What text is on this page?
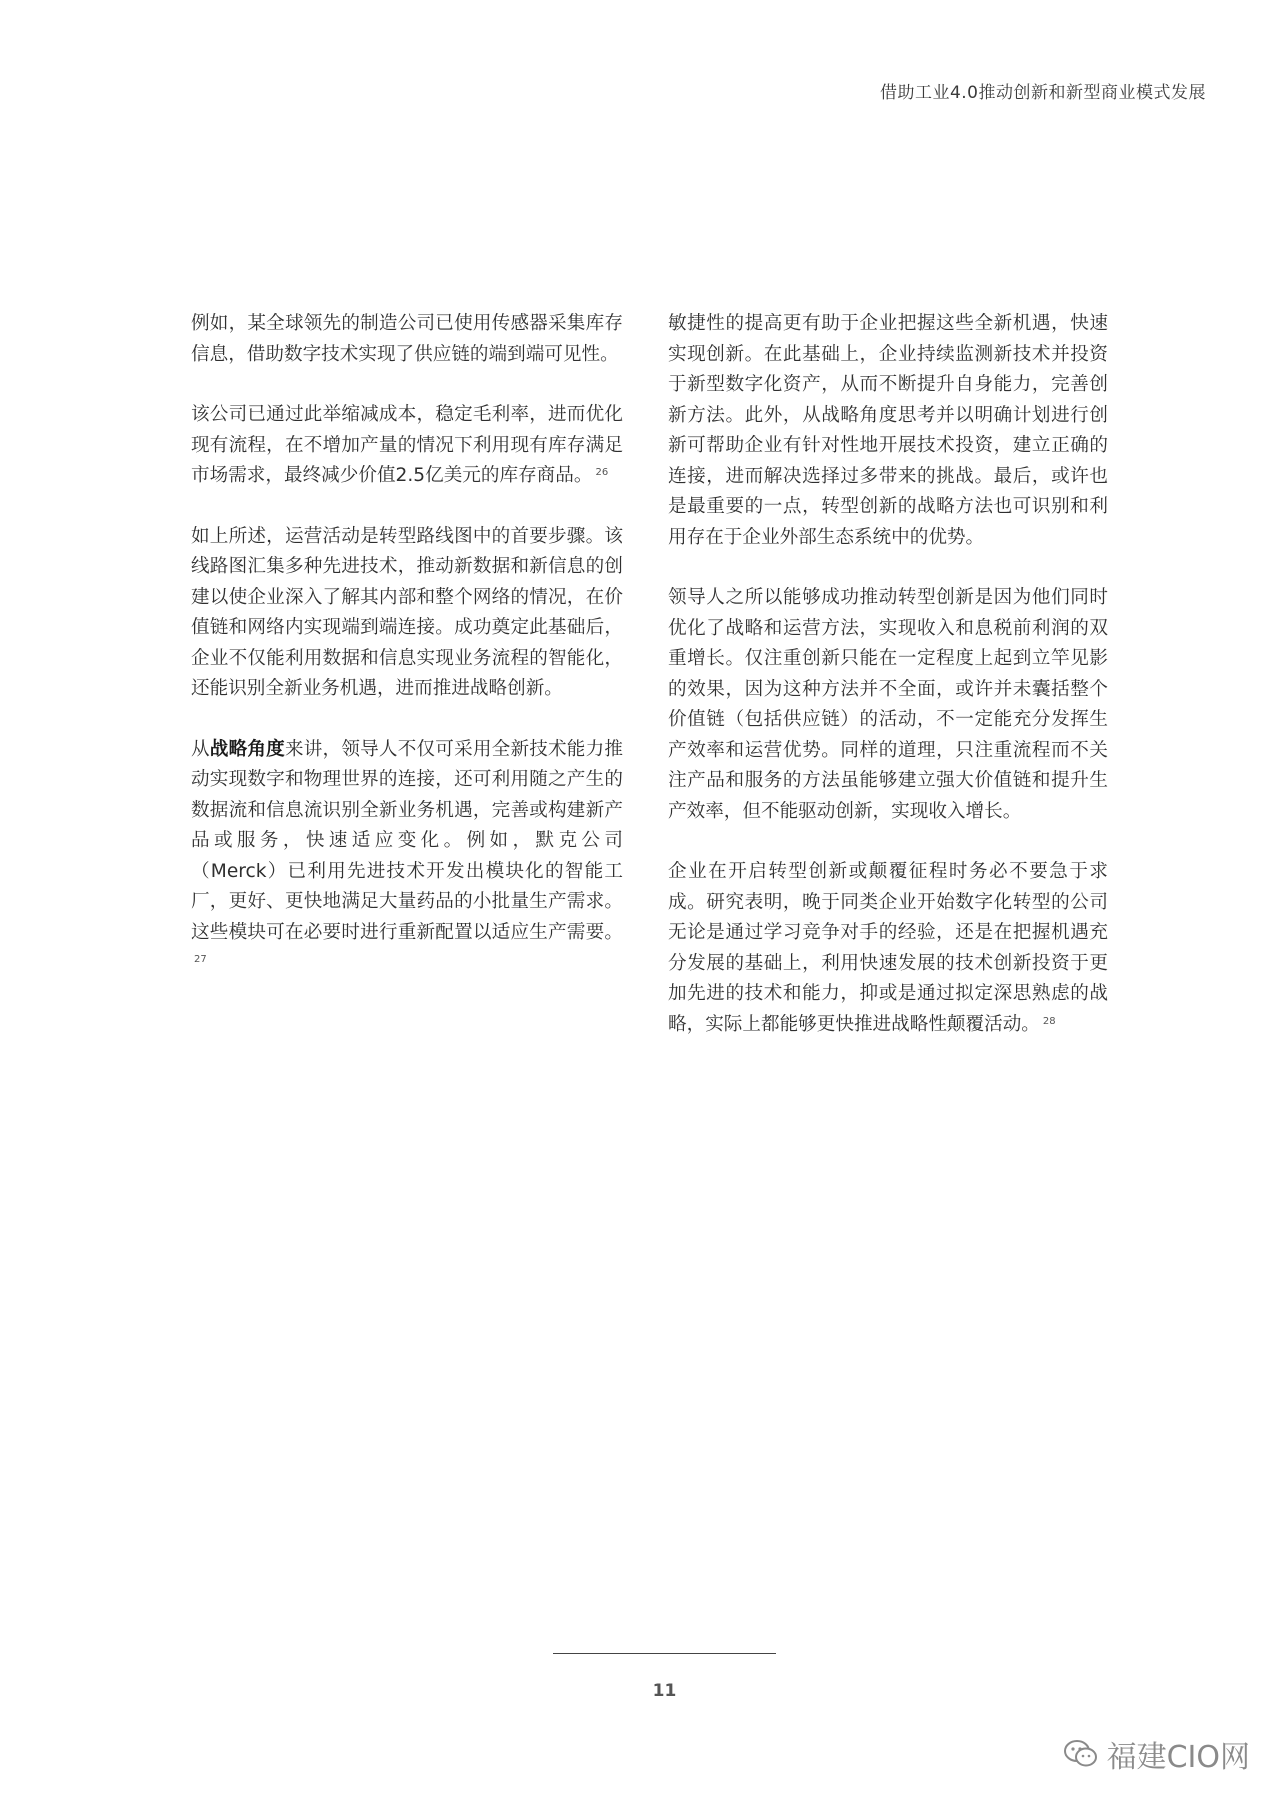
借助工业4.0推动创新和新型商业模式发展

例如，某全球领先的制造公司已使用传感器采集库存信息，借助数字技术实现了供应链的端到端可见性。

该公司已通过此举缩减成本，稳定毛利率，进而优化现有流程，在不增加产量的情况下利用现有库存满足市场需求，最终减少价值2.5亿美元的库存商品。 $^{26}$

如上所述，运营活动是转型路线图中的首要步骤。该线路图汇集多种先进技术，推动新数据和新信息的创建以使企业深入了解其内部和整个网络的情况，在价值链和网络内实现端到端连接。成功奠定此基础后，企业不仅能利用数据和信息实现业务流程的智能化，还能识别全新业务机遇，进而推进战略创新。

从战略角度来讲，领导人不仅可采用全新技术能力推动实现数字和物理世界的连接，还可利用随之产生的数据流和信息流识别全新业务机遇，完善或构建新产品或服务，快速适应变化。例如，默克公司（Merck）已利用先进技术开发出模块化的智能工厂，更好、更快地满足大量药品的小批量生产需求。这些模块可在必要时进行重新配置以适应生产需要。$^{27}$

敏捷性的提高更有助于企业把握这些全新机遇，快速实现创新。在此基础上，企业持续监测新技术并投资于新型数字化资产，从而不断提升自身能力，完善创新方法。此外，从战略角度思考并以明确计划进行创新可帮助企业有针对性地开展技术投资，建立正确的连接，进而解决选择过多带来的挑战。最后，或许也是最重要的一点，转型创新的战略方法也可识别和利用存在于企业外部生态系统中的优势。

领导人之所以能够成功推动转型创新是因为他们同时优化了战略和运营方法，实现收入和息税前利润的双重增长。仅注重创新只能在一定程度上起到立竿见影的效果，因为这种方法并不全面，或许并未囊括整个价值链（包括供应链）的活动，不一定能充分发挥生产效率和运营优势。同样的道理，只注重流程而不关注产品和服务的方法虽能够建立强大价值链和提升生产效率，但不能驱动创新，实现收入增长。

企业在开启转型创新或颠覆征程时务必不要急于求成。研究表明，晚于同类企业开始数字化转型的公司无论是通过学习竞争对手的经验，还是在把握机遇充分发展的基础上，利用快速发展的技术创新投资于更加先进的技术和能力，抑或是通过拟定深思熟虑的战略，实际上都能够更快推进战略性颠覆活动。 $^{28}$

11
福建CIO网
